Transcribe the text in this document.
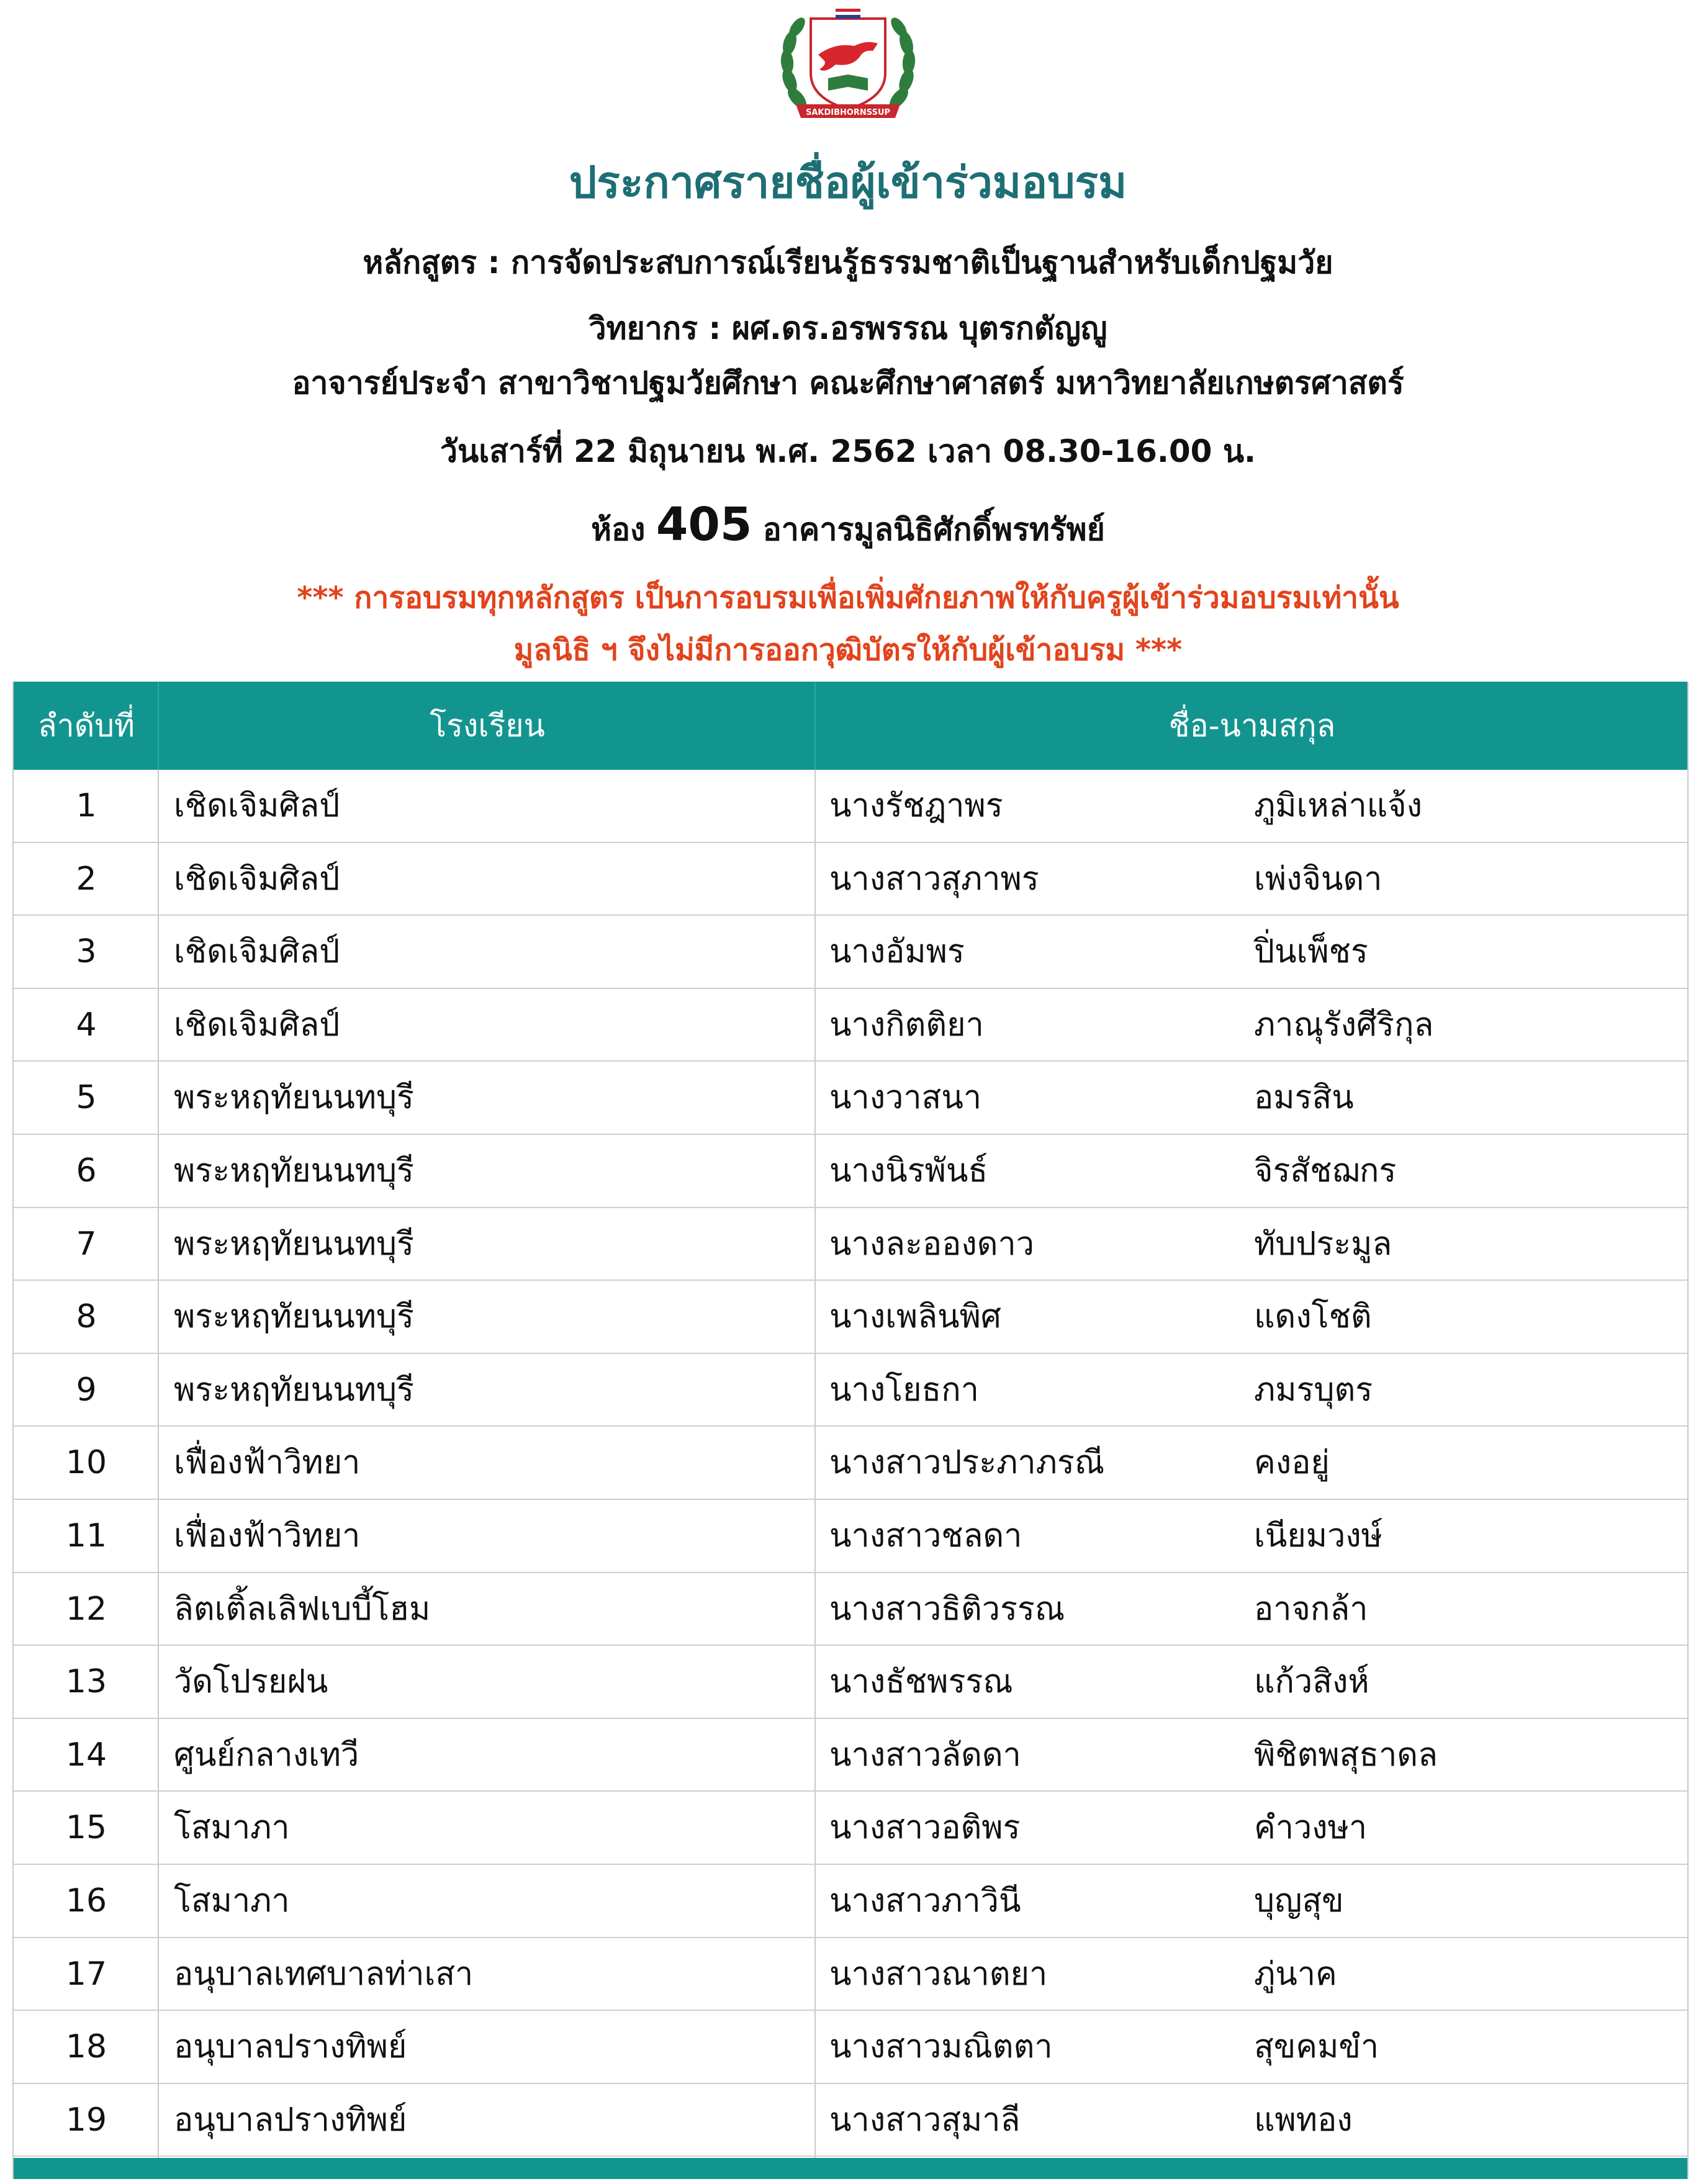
SAKDIBHORNSSUP
ประกาศรายชื่อผู้เข้าร่วมอบรม
หลักสูตร : การจัดประสบการณ์เรียนรู้ธรรมชาติเป็นฐานสำหรับเด็กปฐมวัย
วิทยากร : ผศ.ดร.อรพรรณ บุตรกตัญญู
อาจารย์ประจำ สาขาวิชาปฐมวัยศึกษา คณะศึกษาศาสตร์ มหาวิทยาลัยเกษตรศาสตร์
วันเสาร์ที่ 22 มิถุนายน พ.ศ. 2562 เวลา 08.30-16.00 น.
ห้อง 405 อาคารมูลนิธิศักดิ์พรทรัพย์
*** การอบรมทุกหลักสูตร เป็นการอบรมเพื่อเพิ่มศักยภาพให้กับครูผู้เข้าร่วมอบรมเท่านั้น
มูลนิธิ ฯ จึงไม่มีการออกวุฒิบัตรให้กับผู้เข้าอบรม ***
ลำดับที่	โรงเรียน	ชื่อ-นามสกุล
1	เชิดเจิมศิลป์	นางรัชฎาพร	ภูมิเหล่าแจ้ง
2	เชิดเจิมศิลป์	นางสาวสุภาพร	เพ่งจินดา
3	เชิดเจิมศิลป์	นางอัมพร	ปิ่นเพ็ชร
4	เชิดเจิมศิลป์	นางกิตติยา	ภาณุรังศีริกุล
5	พระหฤทัยนนทบุรี	นางวาสนา	อมรสิน
6	พระหฤทัยนนทบุรี	นางนิรพันธ์	จิรสัชฌกร
7	พระหฤทัยนนทบุรี	นางละอองดาว	ทับประมูล
8	พระหฤทัยนนทบุรี	นางเพลินพิศ	แดงโชติ
9	พระหฤทัยนนทบุรี	นางโยธกา	ภมรบุตร
10	เฟื่องฟ้าวิทยา	นางสาวประภาภรณี	คงอยู่
11	เฟื่องฟ้าวิทยา	นางสาวชลดา	เนียมวงษ์
12	ลิตเติ้ลเลิฟเบบี้โฮม	นางสาวธิติวรรณ	อาจกล้า
13	วัดโปรยฝน	นางธัชพรรณ	แก้วสิงห์
14	ศูนย์กลางเทวี	นางสาวลัดดา	พิชิตพสุธาดล
15	โสมาภา	นางสาวอติพร	คำวงษา
16	โสมาภา	นางสาวภาวินี	บุญสุข
17	อนุบาลเทศบาลท่าเสา	นางสาวณาตยา	ภู่นาค
18	อนุบาลปรางทิพย์	นางสาวมณิตตา	สุขคมขำ
19	อนุบาลปรางทิพย์	นางสาวสุมาลี	แพทอง
